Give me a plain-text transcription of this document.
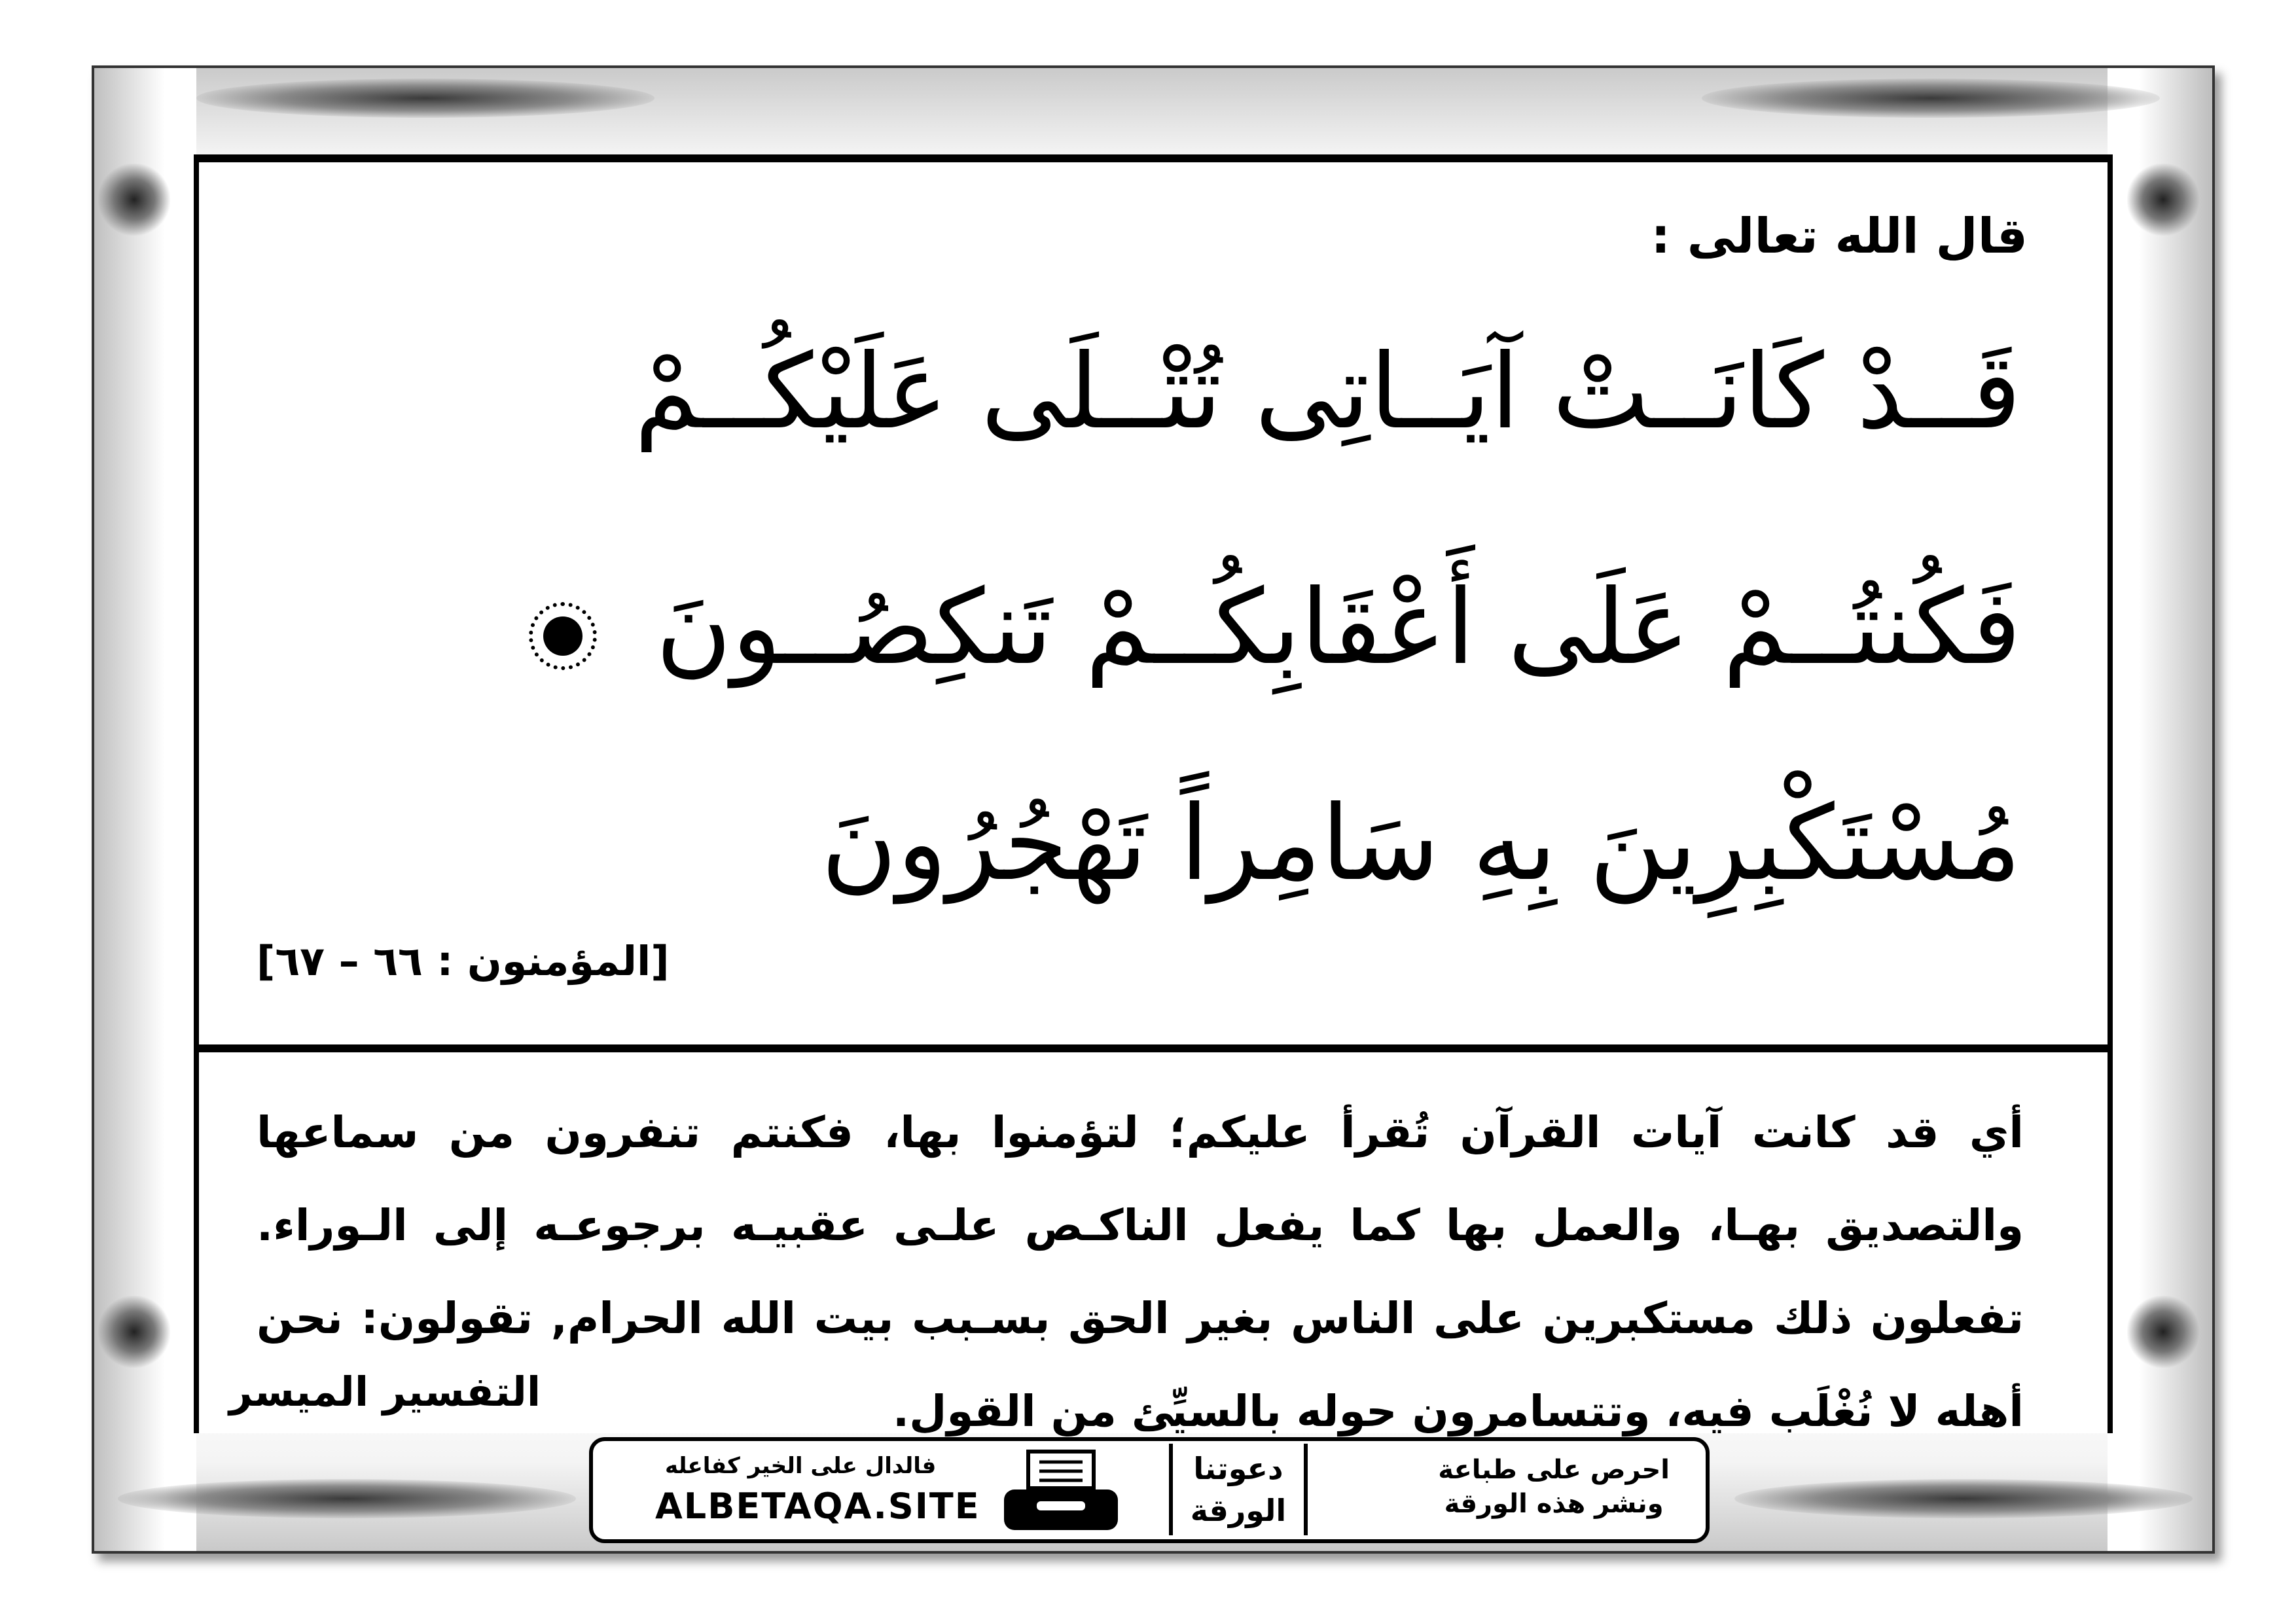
قال الله تعالى :
قَــدْ كَانَــتْ آيَــاتِى تُتْــلَى عَلَيْكُــمْ
فَكُنتُــمْ عَلَى أَعْقَابِكُــمْ تَنكِصُــونَ
مُسْتَكْبِرِينَ بِهِ سَامِراً تَهْجُرُونَ
[المؤمنون : ٦٦ – ٦٧]
أي قد كانت آيات القرآن تُقرأ عليكم؛ لتؤمنوا بها، فكنتم تنفرون من سماعها والتصديق بهـا، والعمل بها كما يفعل الناكـص علـى عقبيـه برجوعـه إلى الـوراء. تفعلون ذلك مستكبرين على الناس بغير الحق بسـبب بيت الله الحرام, تقولون: نحن أهله لا نُغْلَب فيه، وتتسامرون حوله بالسيِّئ من القول.
التفسير الميسر
فالدال على الخير كفاعله
ALBETAQA.SITE
دعوتنا
الورقة
احرص على طباعة
ونشر هذه الورقة
